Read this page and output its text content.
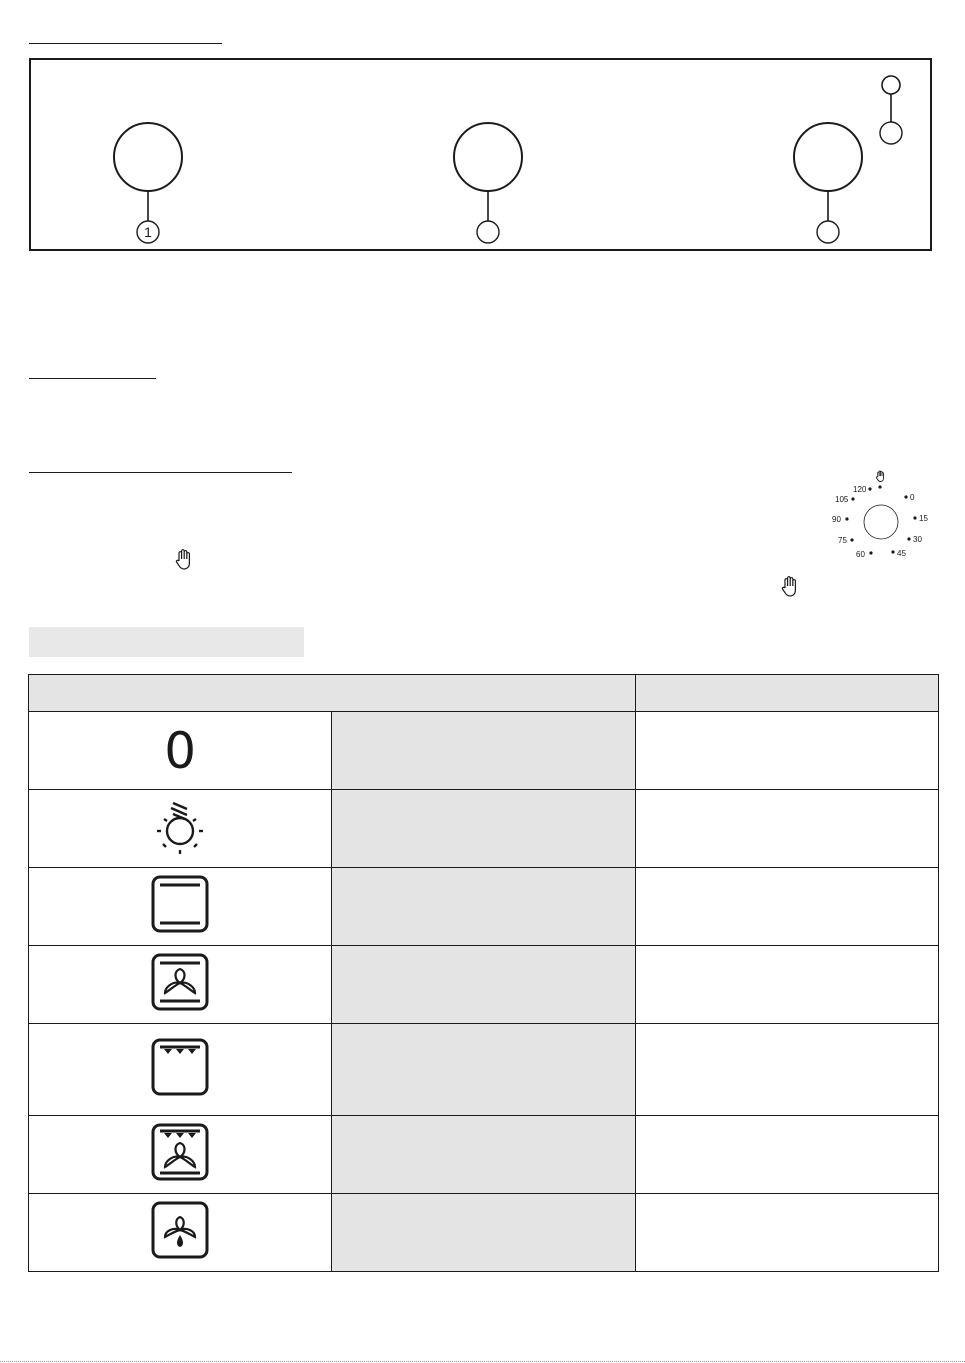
1
0
15
30
45
60
75
90
105
120

0		
